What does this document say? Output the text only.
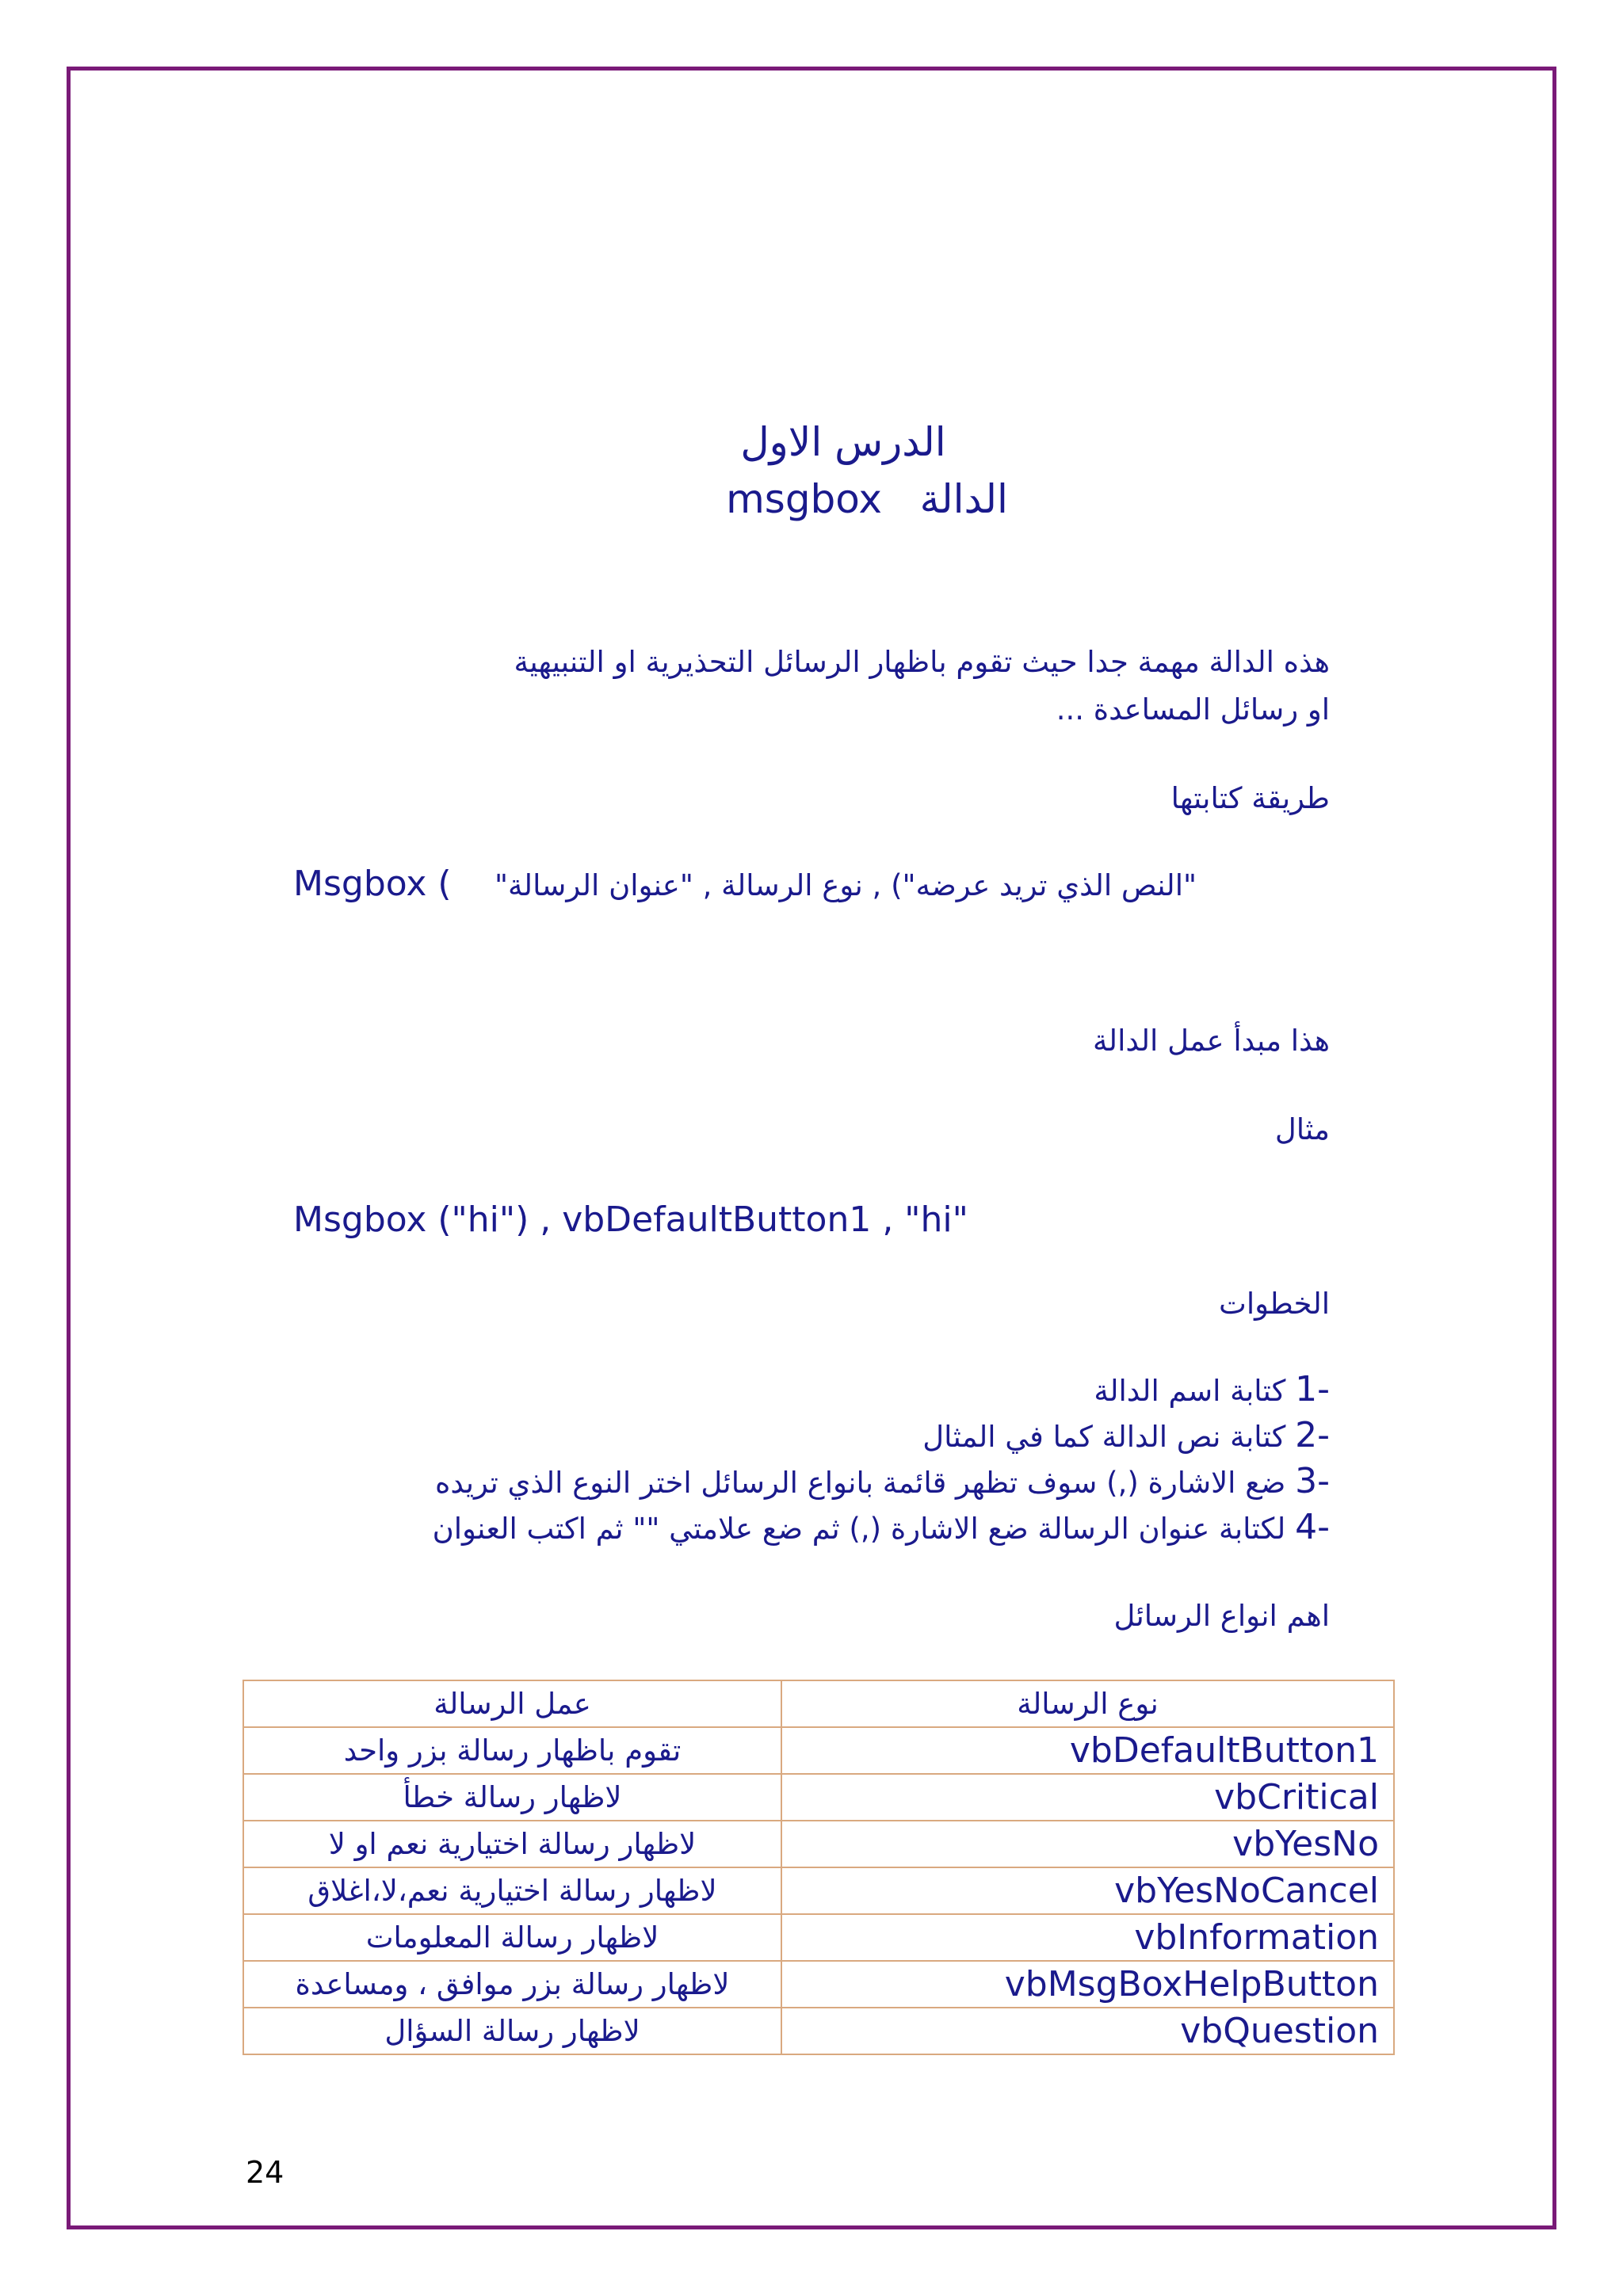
الدرس الاول
msgbox الدالة
هذه الدالة مهمة جدا حيث تقوم باظهار الرسائل التحذيرية او التنبيهية
او رسائل المساعدة ...
طريقة كتابتها
Msgbox ( "النص الذي تريد عرضه") , نوع الرسالة , "عنوان الرسالة"
هذا مبدأ عمل الدالة
مثال
Msgbox ("hi") , vbDefaultButton1 , "hi"
الخطوات
-1 كتابة اسم الدالة
-2 كتابة نص الدالة كما في المثال
-3 ضع الاشارة (,) سوف تظهر قائمة بانواع الرسائل اختر النوع الذي تريده
-4 لكتابة عنوان الرسالة ضع الاشارة (,) ثم ضع علامتي "" ثم اكتب العنوان
اهم انواع الرسائل
نوع الرسالة	عمل الرسالة
vbDefaultButton1	تقوم باظهار رسالة بزر واحد
vbCritical	لاظهار رسالة خطأ
vbYesNo	لاظهار رسالة اختيارية نعم او لا
vbYesNoCancel	لاظهار رسالة اختيارية نعم،لا،اغلاق
vbInformation	لاظهار رسالة المعلومات
vbMsgBoxHelpButton	لاظهار رسالة بزر موافق ، ومساعدة
vbQuestion	لاظهار رسالة السؤال
24
